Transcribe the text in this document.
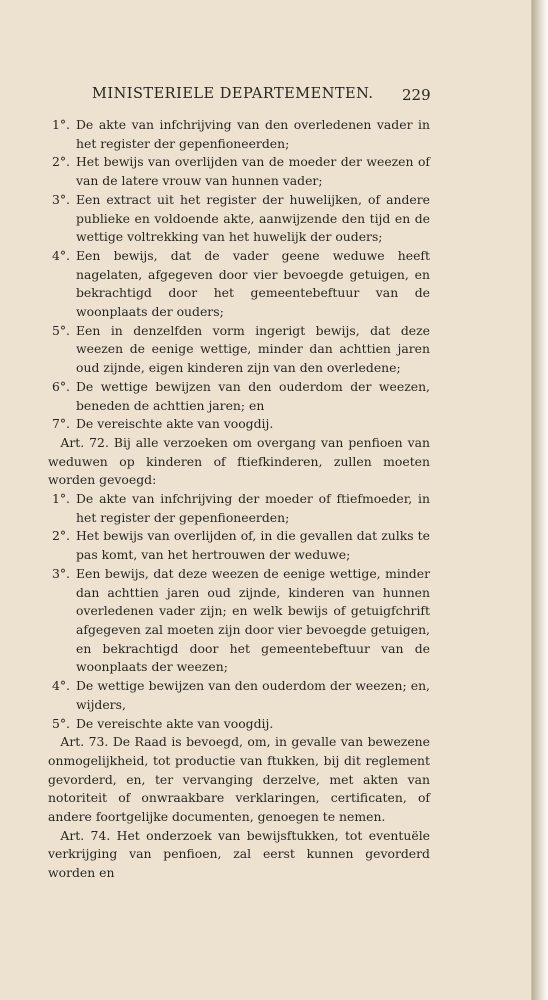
MINISTERIELE DEPARTEMENTEN.	229
1°. De akte van infchrijving van den overledenen vader in het register der gepenfioneerden;
2°. Het bewijs van overlijden van de moeder der weezen of van de latere vrouw van hunnen vader;
3°. Een extract uit het register der huwelijken, of andere publieke en voldoende akte, aanwijzende den tijd en de wettige voltrekking van het huwelijk der ouders;
4°. Een bewijs, dat de vader geene weduwe heeft nagelaten, afgegeven door vier bevoegde getuigen, en bekrachtigd door het gemeentebeftuur van de woonplaats der ouders;
5°. Een in denzelfden vorm ingerigt bewijs, dat deze weezen de eenige wettige, minder dan achttien jaren oud zijnde, eigen kinderen zijn van den overledene;
6°. De wettige bewijzen van den ouderdom der weezen, beneden de achttien jaren; en
7°. De vereischte akte van voogdij.

Art. 72. Bij alle verzoeken om overgang van penfioen van weduwen op kinderen of ftiefkinderen, zullen moeten worden gevoegd:

1°. De akte van infchrijving der moeder of ftiefmoeder, in het register der gepenfioneerden;
2°. Het bewijs van overlijden of, in die gevallen dat zulks te pas komt, van het hertrouwen der weduwe;
3°. Een bewijs, dat deze weezen de eenige wettige, minder dan achttien jaren oud zijnde, kinderen van hunnen overledenen vader zijn; en welk bewijs of getuigfchrift afgegeven zal moeten zijn door vier bevoegde getuigen, en bekrachtigd door het gemeentebeftuur van de woonplaats der weezen;
4°. De wettige bewijzen van den ouderdom der weezen; en, wijders,
5°. De vereischte akte van voogdij.

Art. 73. De Raad is bevoegd, om, in gevalle van bewezene onmogelijkheid, tot productie van ftukken, bij dit reglement gevorderd, en, ter vervanging derzelve, met akten van notoriteit of onwraakbare verklaringen, certificaten, of andere foortgelijke documenten, genoegen te nemen.

Art. 74. Het onderzoek van bewijsftukken, tot eventuële verkrijging van penfioen, zal eerst kunnen gevorderd worden en
